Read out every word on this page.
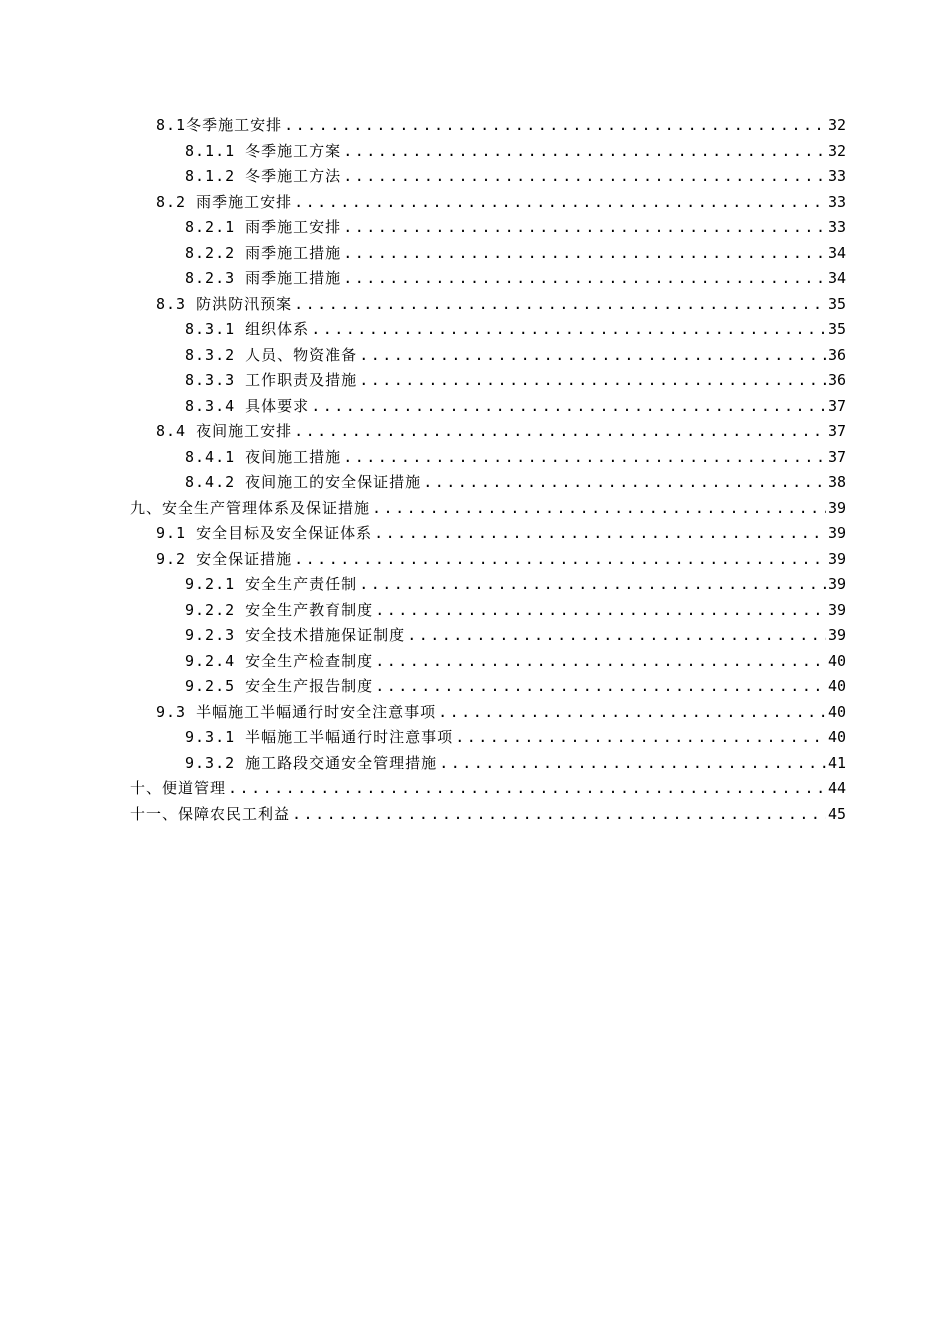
8.1冬季施工安排 .....	32
8.1.1 冬季施工方案 .....	32
8.1.2 冬季施工方法 .....	33
8.2 雨季施工安排 .....	33
8.2.1 雨季施工安排 .....	33
8.2.2 雨季施工措施 .....	34
8.2.3 雨季施工措施 .....	34
8.3 防洪防汛预案 .....	35
8.3.1 组织体系 .....	35
8.3.2 人员、物资准备 .....	36
8.3.3 工作职责及措施 .....	36
8.3.4 具体要求 .....	37
8.4 夜间施工安排 .....	37
8.4.1 夜间施工措施 .....	37
8.4.2 夜间施工的安全保证措施 .....	38
九、安全生产管理体系及保证措施 .....	39
9.1 安全目标及安全保证体系 .....	39
9.2 安全保证措施 .....	39
9.2.1 安全生产责任制 .....	39
9.2.2 安全生产教育制度 .....	39
9.2.3 安全技术措施保证制度 .....	39
9.2.4 安全生产检查制度 .....	40
9.2.5 安全生产报告制度 .....	40
9.3 半幅施工半幅通行时安全注意事项 .....	40
9.3.1 半幅施工半幅通行时注意事项 .....	40
9.3.2 施工路段交通安全管理措施 .....	41
十、便道管理 .....	44
十一、保障农民工利益 .....	45
